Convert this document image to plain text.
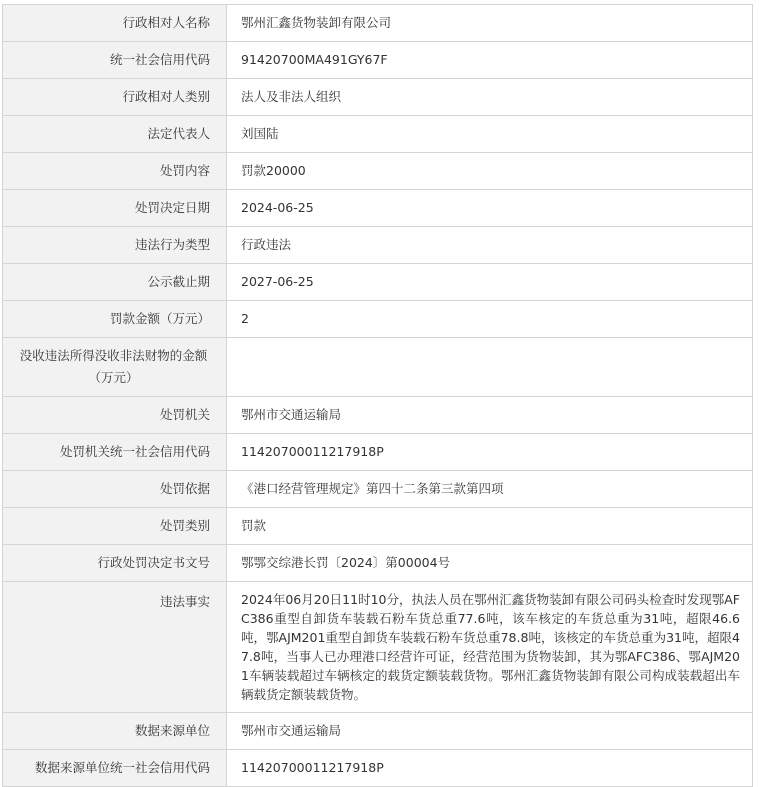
行政相对人名称	鄂州汇鑫货物装卸有限公司
统一社会信用代码	91420700MA491GY67F
行政相对人类别	法人及非法人组织
法定代表人	刘国陆
处罚内容	罚款20000
处罚决定日期	2024-06-25
违法行为类型	行政违法
公示截止期	2027-06-25
罚款金额（万元）	2
没收违法所得没收非法财物的金额（万元）	
处罚机关	鄂州市交通运输局
处罚机关统一社会信用代码	11420700011217918P
处罚依据	《港口经营管理规定》第四十二条第三款第四项
处罚类别	罚款
行政处罚决定书文号	鄂鄂交综港长罚〔2024〕第00004号
违法事实	2024年06月20日11时10分，执法人员在鄂州汇鑫货物装卸有限公司码头检查时发现鄂AFC386重型自卸货车装载石粉车货总重77.6吨，该车核定的车货总重为31吨，超限46.6吨，鄂AJM201重型自卸货车装载石粉车货总重78.8吨，该核定的车货总重为31吨，超限47.8吨，当事人已办理港口经营许可证，经营范围为货物装卸，其为鄂AFC386、鄂AJM201车辆装载超过车辆核定的载货定额装载货物。鄂州汇鑫货物装卸有限公司构成装载超出车辆载货定额装载货物。
数据来源单位	鄂州市交通运输局
数据来源单位统一社会信用代码	11420700011217918P
